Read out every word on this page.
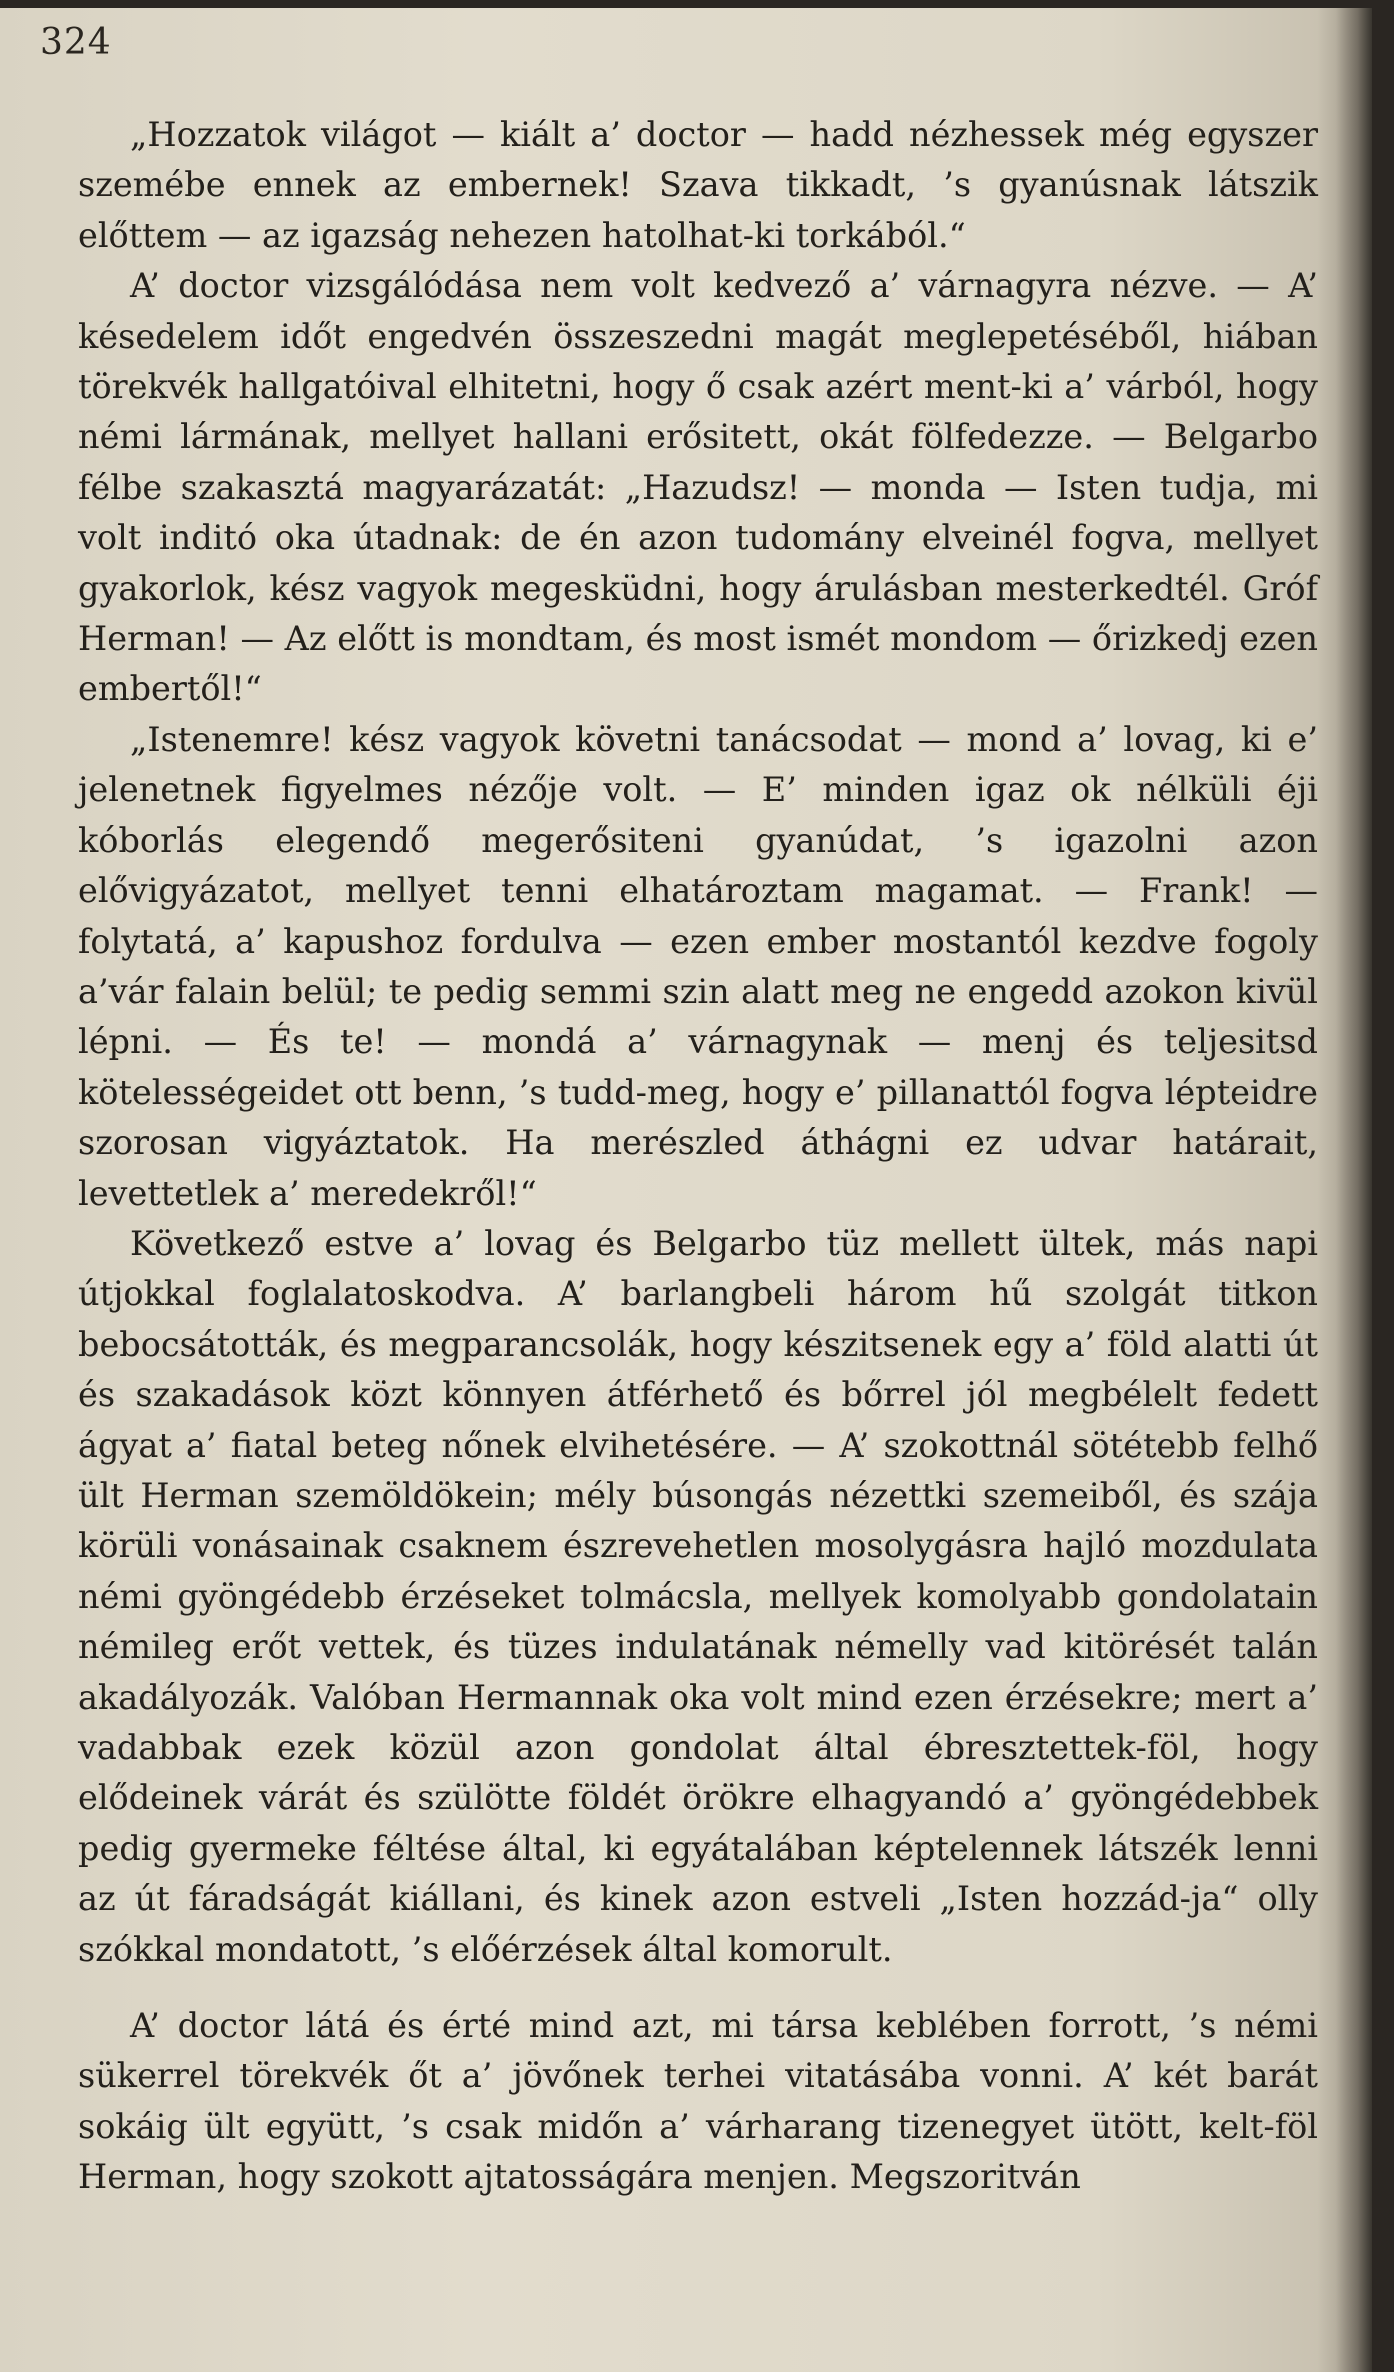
324

„Hozzatok világot — kiált a’ doctor — hadd nézhessek még egyszer szemébe ennek az embernek! Szava tikkadt, ’s gyanúsnak látszik előttem — az igazság nehezen hatolhat-ki torkából.“

A’ doctor vizsgálódása nem volt kedvező a’ várnagyra nézve. — A’ késedelem időt engedvén összeszedni magát meglepetéséből, hiában törekvék hallgatóival elhitetni, hogy ő csak azért ment-ki a’ várból, hogy némi lármának, mellyet hallani erősitett, okát fölfedezze. — Belgarbo félbe szakasztá magyarázatát: „Hazudsz! — monda — Isten tudja, mi volt inditó oka útadnak: de én azon tudomány elveinél fogva, mellyet gyakorlok, kész vagyok megesküdni, hogy árulásban mesterkedtél. Gróf Herman! — Az előtt is mondtam, és most ismét mondom — őrizkedj ezen embertől!“

„Istenemre! kész vagyok követni tanácsodat — mond a’ lovag, ki e’ jelenetnek figyelmes nézője volt. — E’ minden igaz ok nélküli éji kóborlás elegendő megerősiteni gyanúdat, ’s igazolni azon elővigyázatot, mellyet tenni elhatároztam magamat. — Frank! — folytatá, a’ kapushoz fordulva — ezen ember mostantól kezdve fogoly a’vár falain belül; te pedig semmi szin alatt meg ne engedd azokon kivül lépni. — És te! — mondá a’ várnagynak — menj és teljesitsd kötelességeidet ott benn, ’s tudd-meg, hogy e’ pillanattól fogva lépteidre szorosan vigyáztatok. Ha merészled áthágni ez udvar határait, levettetlek a’ meredekről!“

Következő estve a’ lovag és Belgarbo tüz mellett ültek, más napi útjokkal foglalatoskodva. A’ barlangbeli három hű szolgát titkon bebocsátották, és megparancsolák, hogy készitsenek egy a’ föld alatti út és szakadások közt könnyen átférhető és bőrrel jól megbélelt fedett ágyat a’ fiatal beteg nőnek elvihetésére. — A’ szokottnál sötétebb felhő ült Herman szemöldökein; mély búsongás nézettki szemeiből, és szája körüli vonásainak csaknem észrevehetlen mosolygásra hajló mozdulata némi gyöngédebb érzéseket tolmácsla, mellyek komolyabb gondolatain némileg erőt vettek, és tüzes indulatának némelly vad kitörését talán akadályozák. Valóban Hermannak oka volt mind ezen érzésekre; mert a’ vadabbak ezek közül azon gondolat által ébresztettek-föl, hogy elődeinek várát és szülötte földét örökre elhagyandó a’ gyöngédebbek pedig gyermeke féltése által, ki egyátalában képtelennek látszék lenni az út fáradságát kiállani, és kinek azon estveli „Isten hozzád-ja“ olly szókkal mondatott, ’s előérzések által komorult.

A’ doctor látá és érté mind azt, mi társa keblében forrott, ’s némi sükerrel törekvék őt a’ jövőnek terhei vitatásába vonni. A’ két barát sokáig ült együtt, ’s csak midőn a’ várharang tizenegyet ütött, kelt-föl Herman, hogy szokott ajtatosságára menjen. Megszoritván
